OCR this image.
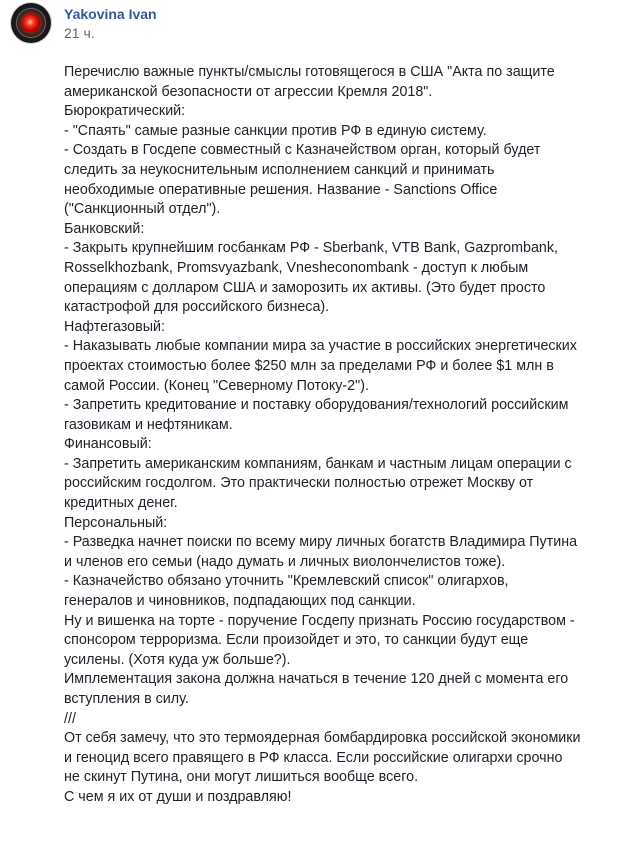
Yakovina Ivan
21 ч.
Перечислю важные пункты/смыслы готовящегося в США "Акта по защите
американской безопасности от агрессии Кремля 2018".
Бюрократический:
- "Спаять" самые разные санкции против РФ в единую систему.
- Создать в Госдепе совместный с Казначейством орган, который будет
следить за неукоснительным исполнением санкций и принимать
необходимые оперативные решения. Название - Sanctions Office
("Санкционный отдел").
Банковский:
- Закрыть крупнейшим госбанкам РФ - Sberbank, VTB Bank, Gazprombank,
Rosselkhozbank, Promsvyazbank, Vnesheconombank - доступ к любым
операциям с долларом США и заморозить их активы. (Это будет просто
катастрофой для российского бизнеса).
Нафтегазовый:
- Наказывать любые компании мира за участие в российских энергетических
проектах стоимостью более $250 млн за пределами РФ и более $1 млн в
самой России. (Конец "Северному Потоку-2").
- Запретить кредитование и поставку оборудования/технологий российским
газовикам и нефтяникам.
Финансовый:
- Запретить американским компаниям, банкам и частным лицам операции с
российским госдолгом. Это практически полностью отрежет Москву от
кредитных денег.
Персональный:
- Разведка начнет поиски по всему миру личных богатств Владимира Путина
и членов его семьи (надо думать и личных виолончелистов тоже).
- Казначейство обязано уточнить "Кремлевский список" олигархов,
генералов и чиновников, подпадающих под санкции.
Ну и вишенка на торте - поручение Госдепу признать Россию государством -
спонсором терроризма. Если произойдет и это, то санкции будут еще
усилены. (Хотя куда уж больше?).
Имплементация закона должна начаться в течение 120 дней с момента его
вступления в силу.
///
От себя замечу, что это термоядерная бомбардировка российской экономики
и геноцид всего правящего в РФ класса. Если российские олигархи срочно
не скинут Путина, они могут лишиться вообще всего.
С чем я их от души и поздравляю!
